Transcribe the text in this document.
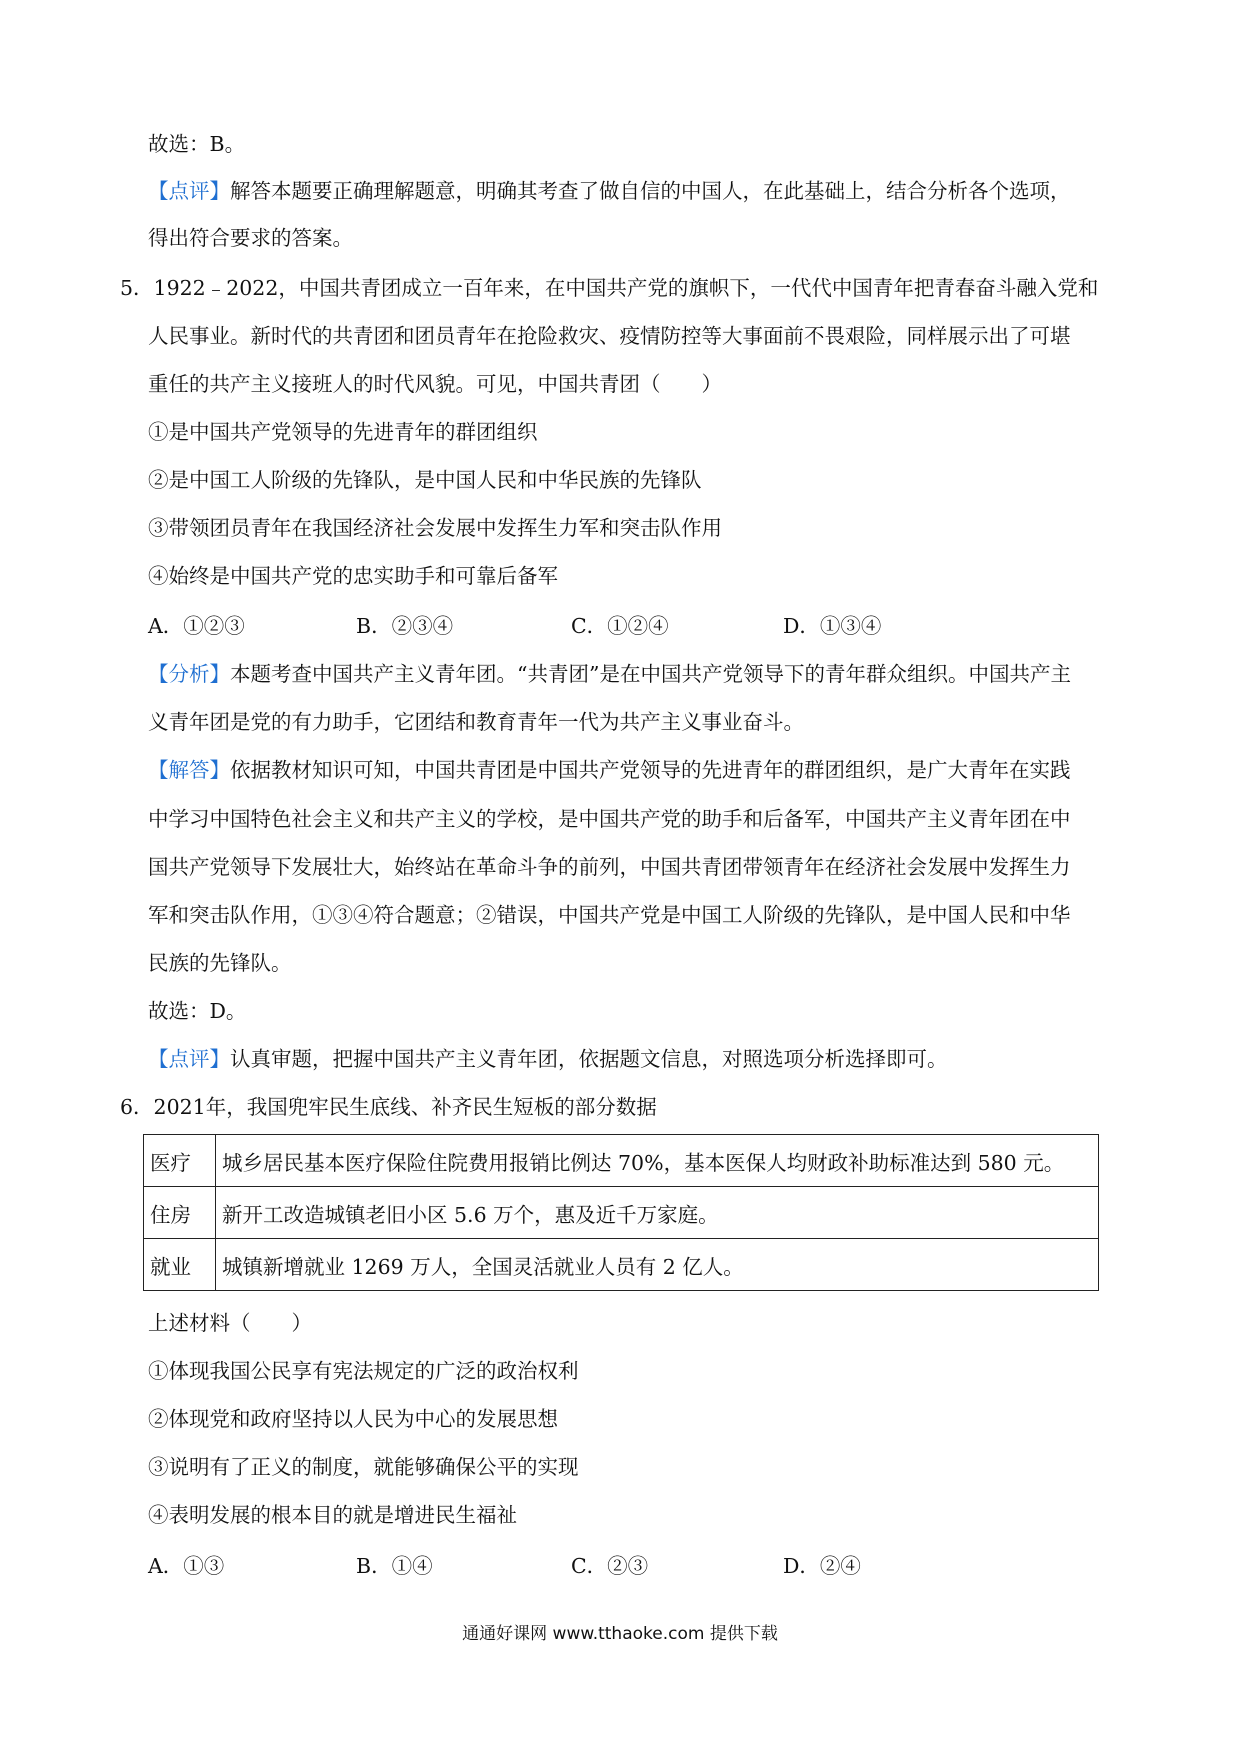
故选：B。
【点评】解答本题要正确理解题意，明确其考查了做自信的中国人，在此基础上，结合分析各个选项，
得出符合要求的答案。
5．1922﹣2022，中国共青团成立一百年来，在中国共产党的旗帜下，一代代中国青年把青春奋斗融入党和
人民事业。新时代的共青团和团员青年在抢险救灾、疫情防控等大事面前不畏艰险，同样展示出了可堪
重任的共产主义接班人的时代风貌。可见，中国共青团（　　）
①是中国共产党领导的先进青年的群团组织
②是中国工人阶级的先锋队，是中国人民和中华民族的先锋队
③带领团员青年在我国经济社会发展中发挥生力军和突击队作用
④始终是中国共产党的忠实助手和可靠后备军
【分析】本题考查中国共产主义青年团。“共青团”是在中国共产党领导下的青年群众组织。中国共产主
义青年团是党的有力助手，它团结和教育青年一代为共产主义事业奋斗。
【解答】依据教材知识可知，中国共青团是中国共产党领导的先进青年的群团组织，是广大青年在实践
中学习中国特色社会主义和共产主义的学校，是中国共产党的助手和后备军，中国共产主义青年团在中
国共产党领导下发展壮大，始终站在革命斗争的前列，中国共青团带领青年在经济社会发展中发挥生力
军和突击队作用，①③④符合题意；②错误，中国共产党是中国工人阶级的先锋队，是中国人民和中华
民族的先锋队。
故选：D。
【点评】认真审题，把握中国共产主义青年团，依据题文信息，对照选项分析选择即可。
6．2021年，我国兜牢民生底线、补齐民生短板的部分数据
上述材料（　　）
①体现我国公民享有宪法规定的广泛的政治权利
②体现党和政府坚持以人民为中心的发展思想
③说明有了正义的制度，就能够确保公平的实现
④表明发展的根本目的就是增进民生福祉
A．①②③	B．②③④	C．①②④	D．①③④
A．①③	B．①④	C．②③	D．②④
医疗	城乡居民基本医疗保险住院费用报销比例达 70%，基本医保人均财政补助标准达到 580 元。
住房	新开工改造城镇老旧小区 5.6 万个，惠及近千万家庭。
就业	城镇新增就业 1269 万人，全国灵活就业人员有 2 亿人。
通通好课网 www.tthaoke.com 提供下载
